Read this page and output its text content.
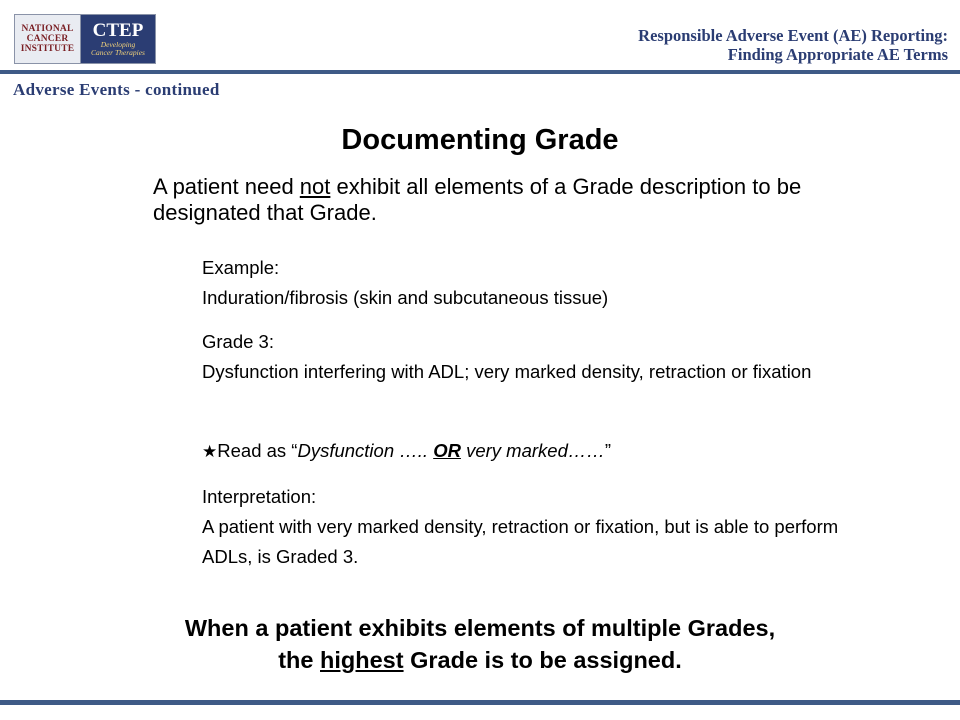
NATIONAL
CANCER
INSTITUTE
CTEP
Developing
Cancer Therapies
Responsible Adverse Event (AE) Reporting:
Finding Appropriate AE Terms
Adverse Events - continued
Documenting Grade
A patient need not exhibit all elements of a Grade description to be designated that Grade.
Example:
Induration/fibrosis (skin and subcutaneous tissue)
Grade 3:
Dysfunction interfering with ADL; very marked density, retraction or fixation
★Read as “Dysfunction ….. OR very marked……”
Interpretation:
A patient with very marked density, retraction or fixation, but is able to perform ADLs, is Graded 3.
When a patient exhibits elements of multiple Grades,
the highest Grade is to be assigned.
